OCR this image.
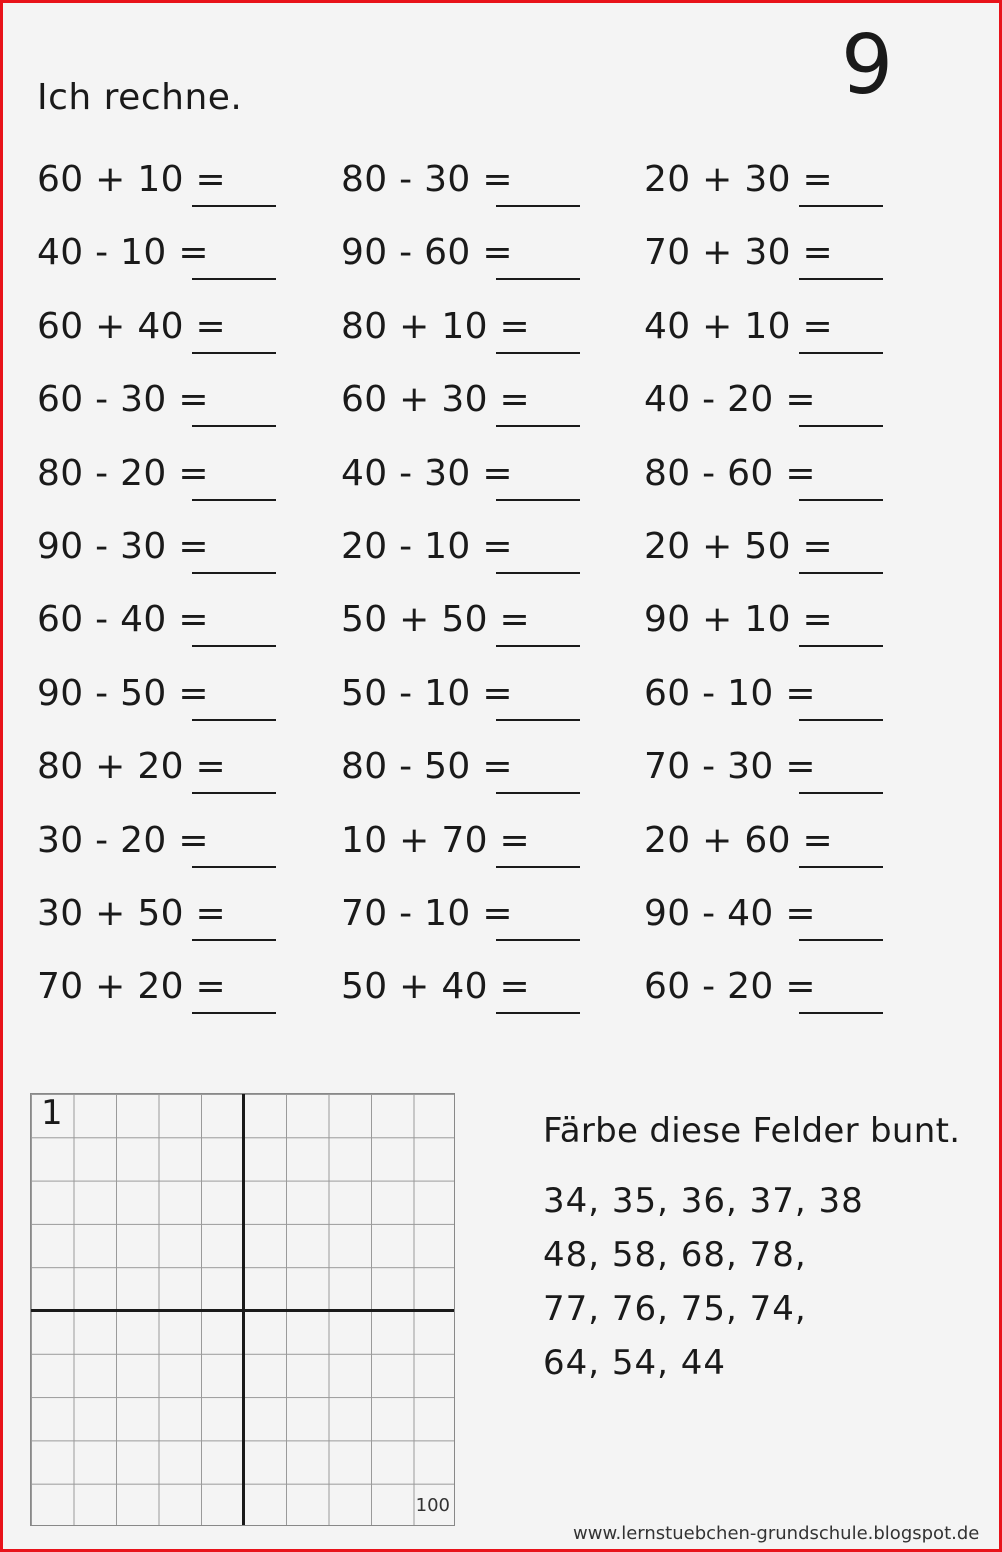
Ich rechne.	9
60 + 10 =	80 - 30 =	20 + 30 =
40 - 10 =	90 - 60 =	70 + 30 =
60 + 40 =	80 + 10 =	40 + 10 =
60 - 30 =	60 + 30 =	40 - 20 =
80 - 20 =	40 - 30 =	80 - 60 =
90 - 30 =	20 - 10 =	20 + 50 =
60 - 40 =	50 + 50 =	90 + 10 =
90 - 50 =	50 - 10 =	60 - 10 =
80 + 20 =	80 - 50 =	70 - 30 =
30 - 20 =	10 + 70 =	20 + 60 =
30 + 50 =	70 - 10 =	90 - 40 =
70 + 20 =	50 + 40 =	60 - 20 =
1
100
Färbe diese Felder bunt.
34, 35, 36, 37, 38
48, 58, 68, 78,
77, 76, 75, 74,
64, 54, 44
www.lernstuebchen-grundschule.blogspot.de
